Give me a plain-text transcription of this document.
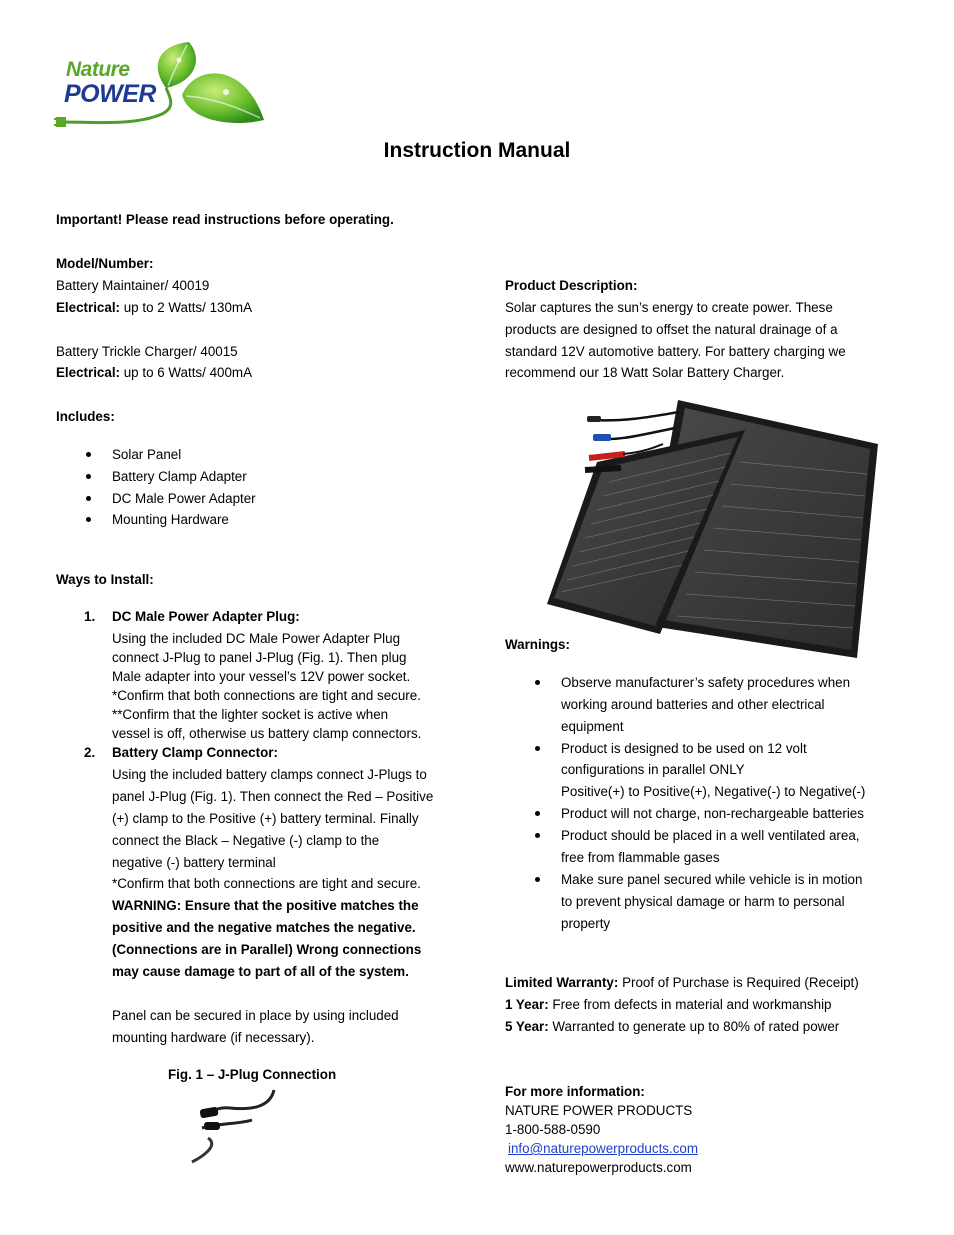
Nature
POWER
Instruction Manual
Important! Please read instructions before operating.
Model/Number:
Battery Maintainer/ 40019
Electrical: up to 2 Watts/ 130mA
Battery Trickle Charger/ 40015
Electrical: up to 6 Watts/ 400mA
Includes:
Solar Panel
Battery Clamp Adapter
DC Male Power Adapter
Mounting Hardware
Ways to Install:
1. DC Male Power Adapter Plug:
Using the included DC Male Power Adapter Plug
connect J-Plug to panel J-Plug (Fig. 1). Then plug
Male adapter into your vessel’s 12V power socket.
*Confirm that both connections are tight and secure.
**Confirm that the lighter socket is active when
vessel is off, otherwise us battery clamp connectors.
2. Battery Clamp Connector:
Using the included battery clamps connect J-Plugs to
panel J-Plug (Fig. 1). Then connect the Red – Positive
(+) clamp to the Positive (+) battery terminal. Finally
connect the Black – Negative (-) clamp to the
negative (-) battery terminal
*Confirm that both connections are tight and secure.
WARNING: Ensure that the positive matches the
positive and the negative matches the negative.
(Connections are in Parallel) Wrong connections
may cause damage to part of all of the system.
Panel can be secured in place by using included
mounting hardware (if necessary).
Fig. 1 – J-Plug Connection
Product Description:
Solar captures the sun’s energy to create power. These
products are designed to offset the natural drainage of a
standard 12V automotive battery. For battery charging we
recommend our 18 Watt Solar Battery Charger.
Warnings:
Observe manufacturer’s safety procedures when
working around batteries and other electrical
equipment
Product is designed to be used on 12 volt
configurations in parallel ONLY
Positive(+) to Positive(+), Negative(-) to Negative(-)
Product will not charge, non-rechargeable batteries
Product should be placed in a well ventilated area,
free from flammable gases
Make sure panel secured while vehicle is in motion
to prevent physical damage or harm to personal
property
Limited Warranty: Proof of Purchase is Required (Receipt)
1 Year: Free from defects in material and workmanship
5 Year: Warranted to generate up to 80% of rated power
For more information:
NATURE POWER PRODUCTS
1-800-588-0590
info@naturepowerproducts.com
www.naturepowerproducts.com
